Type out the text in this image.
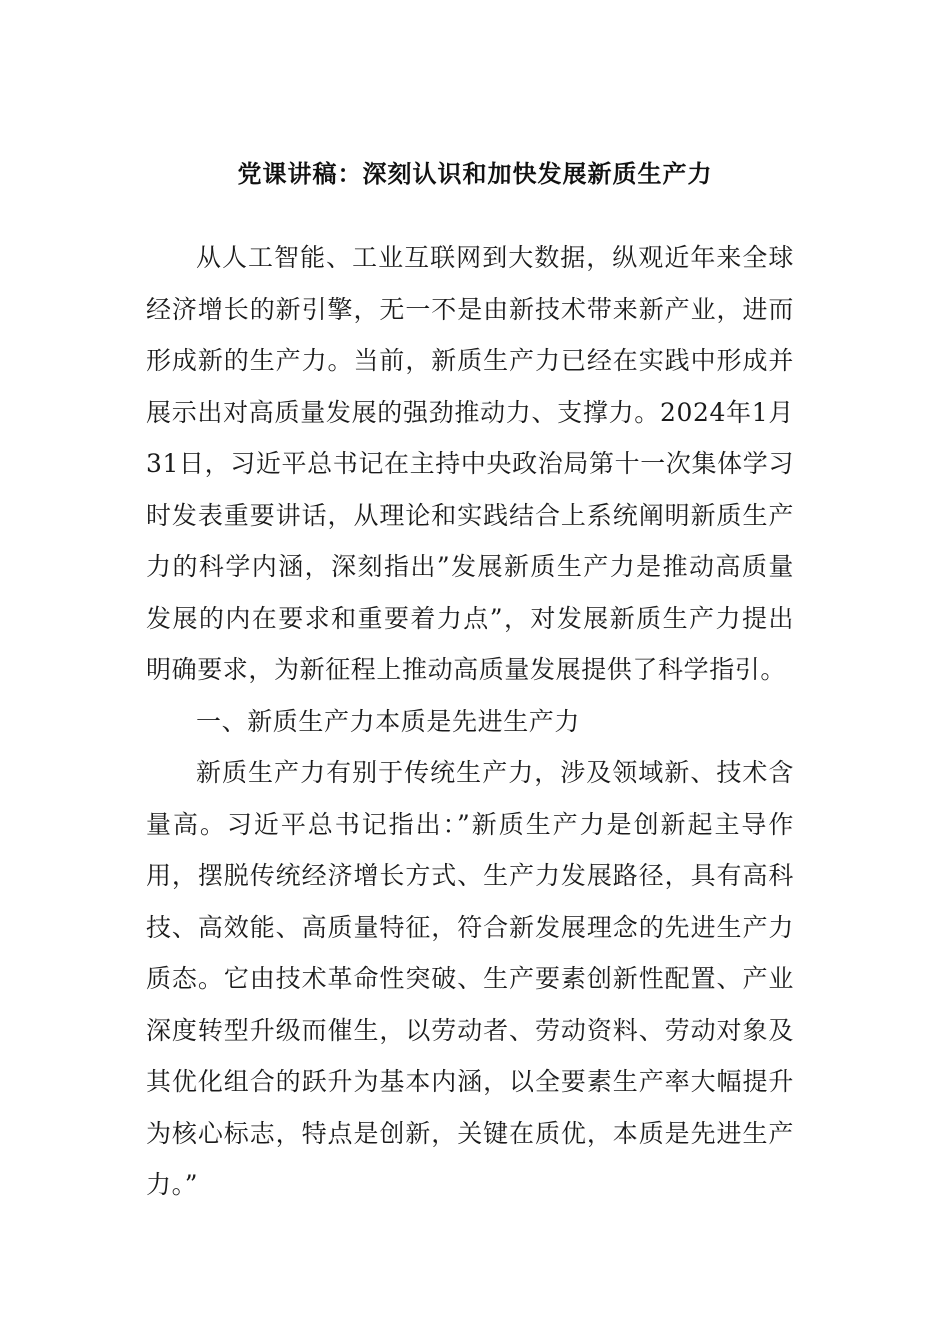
党课讲稿：深刻认识和加快发展新质生产力

从人工智能、工业互联网到大数据，纵观近年来全球经济增长的新引擎，无一不是由新技术带来新产业，进而形成新的生产力。当前，新质生产力已经在实践中形成并展示出对高质量发展的强劲推动力、支撑力。2024年1月31日，习近平总书记在主持中央政治局第十一次集体学习时发表重要讲话，从理论和实践结合上系统阐明新质生产力的科学内涵，深刻指出”发展新质生产力是推动高质量发展的内在要求和重要着力点”，对发展新质生产力提出明确要求，为新征程上推动高质量发展提供了科学指引。

一、新质生产力本质是先进生产力

新质生产力有别于传统生产力，涉及领域新、技术含量高。习近平总书记指出：”新质生产力是创新起主导作用，摆脱传统经济增长方式、生产力发展路径，具有高科技、高效能、高质量特征，符合新发展理念的先进生产力质态。它由技术革命性突破、生产要素创新性配置、产业深度转型升级而催生，以劳动者、劳动资料、劳动对象及其优化组合的跃升为基本内涵，以全要素生产率大幅提升为核心标志，特点是创新，关键在质优，本质是先进生产力。”
